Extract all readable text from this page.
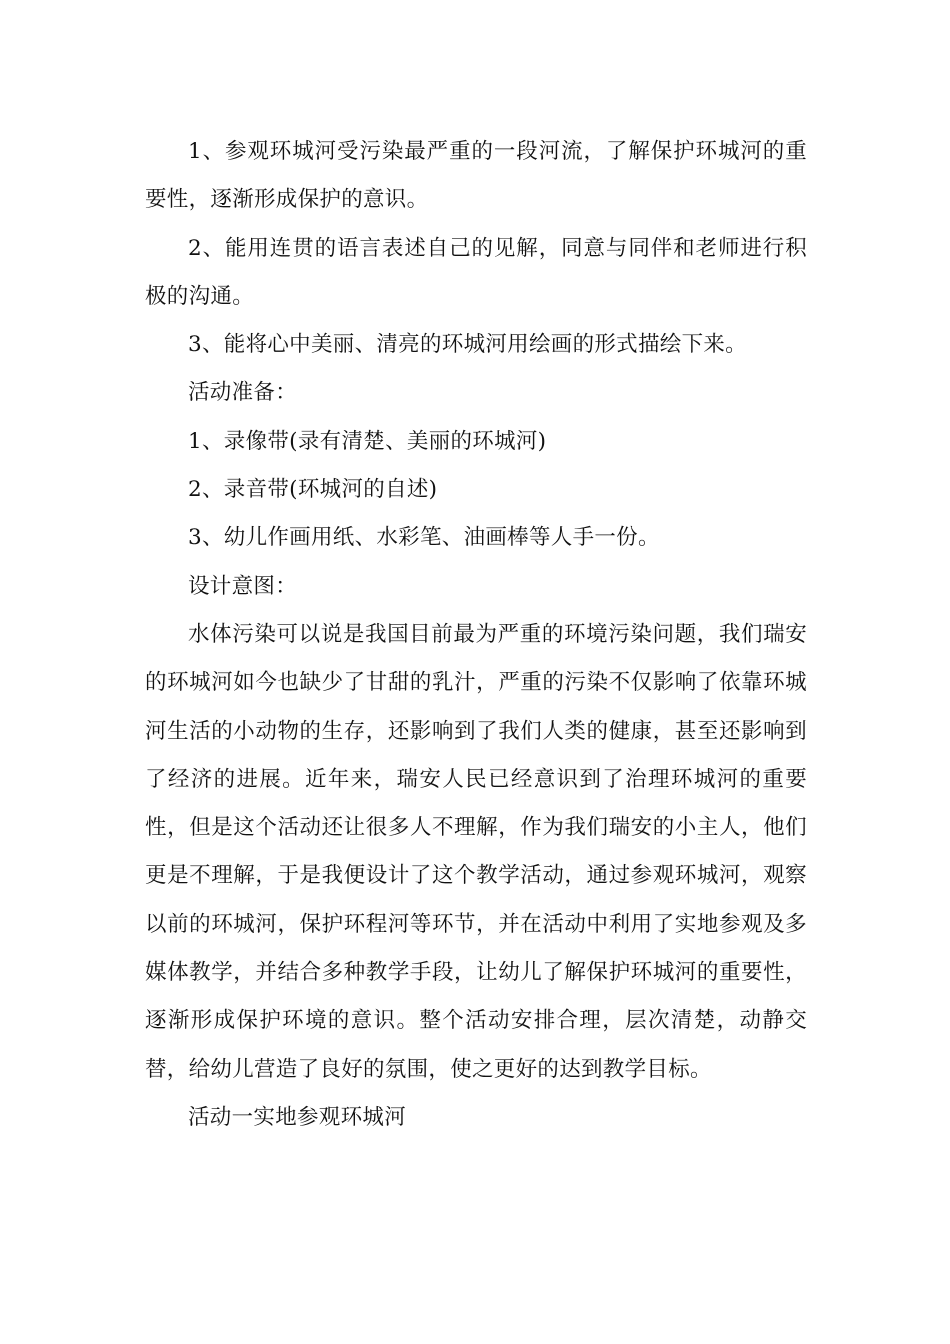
1、参观环城河受污染最严重的一段河流，了解保护环城河的重要性，逐渐形成保护的意识。

2、能用连贯的语言表述自己的见解，同意与同伴和老师进行积极的沟通。

3、能将心中美丽、清亮的环城河用绘画的形式描绘下来。

活动准备：

1、录像带(录有清楚、美丽的环城河)

2、录音带(环城河的自述)

3、幼儿作画用纸、水彩笔、油画棒等人手一份。

设计意图：

水体污染可以说是我国目前最为严重的环境污染问题，我们瑞安的环城河如今也缺少了甘甜的乳汁，严重的污染不仅影响了依靠环城河生活的小动物的生存，还影响到了我们人类的健康，甚至还影响到了经济的进展。近年来，瑞安人民已经意识到了治理环城河的重要性，但是这个活动还让很多人不理解，作为我们瑞安的小主人，他们更是不理解，于是我便设计了这个教学活动，通过参观环城河，观察以前的环城河，保护环程河等环节，并在活动中利用了实地参观及多媒体教学，并结合多种教学手段，让幼儿了解保护环城河的重要性，逐渐形成保护环境的意识。整个活动安排合理，层次清楚，动静交替，给幼儿营造了良好的氛围，使之更好的达到教学目标。

活动一实地参观环城河
